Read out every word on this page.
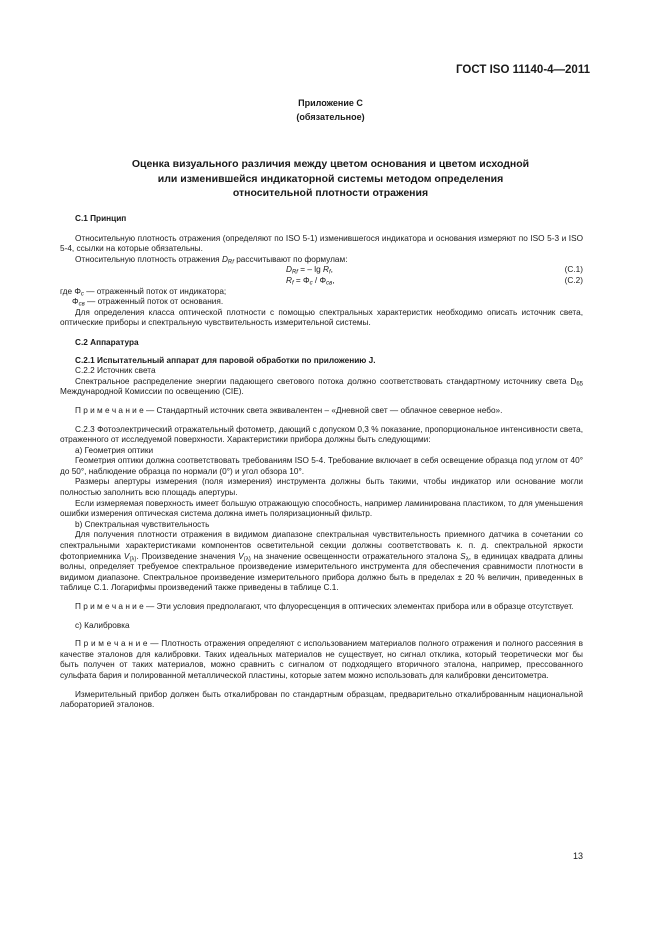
ГОСТ ISO 11140-4—2011
Приложение С
(обязательное)
Оценка визуального различия между цветом основания и цветом исходной
или изменившейся индикаторной системы методом определения
относительной плотности отражения

С.1 Принцип

Относительную плотность отражения (определяют по ISO 5-1) изменившегося индикатора и основания измеряют по ISO 5-3 и ISO 5-4, ссылки на которые обязательны.

Относительную плотность отражения $D_{Rf}$ рассчитывают по формулам:

$D_{Rf}$ = – $\lg R_f$,	(С.1)
$R_f = \Phi_c / \Phi_{св}$,	(С.2)

где $\Phi_c$ — отраженный поток от индикатора;

$\Phi_{св}$ — отраженный поток от основания.

Для определения класса оптической плотности с помощью спектральных характеристик необходимо описать источник света, оптические приборы и спектральную чувствительность измерительной системы.

С.2 Аппаратура

С.2.1 Испытательный аппарат для паровой обработки по приложению J.

С.2.2 Источник света

Спектральное распределение энергии падающего светового потока должно соответствовать стандартному источнику света $D_{65}$ Международной Комиссии по освещению (CIE).

П р и м е ч а н и е — Стандартный источник света эквивалентен – «Дневной свет — облачное северное небо».

С.2.3 Фотоэлектрический отражательный фотометр, дающий с допуском 0,3 % показание, пропорциональное интенсивности света, отраженного от исследуемой поверхности. Характеристики прибора должны быть следующими:

а) Геометрия оптики

Геометрия оптики должна соответствовать требованиям ISO 5-4. Требование включает в себя освещение образца под углом от 40° до 50°, наблюдение образца по нормали (0°) и угол обзора 10°.

Размеры апертуры измерения (поля измерения) инструмента должны быть такими, чтобы индикатор или основание могли полностью заполнить всю площадь апертуры.

Если измеряемая поверхность имеет большую отражающую способность, например ламинирована пластиком, то для уменьшения ошибки измерения оптическая система должна иметь поляризационный фильтр.

b) Спектральная чувствительность

Для получения плотности отражения в видимом диапазоне спектральная чувствительность приемного датчика в сочетании со спектральными характеристиками компонентов осветительной секции должны соответствовать к. п. д. спектральной яркости фотоприемника $V_{(\lambda)}$. Произведение значения $V_{(\lambda)}$ на значение освещенности отражательного эталона $S_\lambda$, в единицах квадрата длины волны, определяет требуемое спектральное произведение измерительного инструмента для обеспечения сравнимости плотности в видимом диапазоне. Спектральное произведение измерительного прибора должно быть в пределах ± 20 % величин, приведенных в таблице С.1. Логарифмы произведений также приведены в таблице С.1.

П р и м е ч а н и е — Эти условия предполагают, что флуоресценция в оптических элементах прибора или в образце отсутствует.

с) Калибровка

П р и м е ч а н и е — Плотность отражения определяют с использованием материалов полного отражения и полного рассеяния в качестве эталонов для калибровки. Таких идеальных материалов не существует, но сигнал отклика, который теоретически мог бы быть получен от таких материалов, можно сравнить с сигналом от подходящего вторичного эталона, например, прессованного сульфата бария и полированной металлической пластины, которые затем можно использовать для калибровки денситометра.

Измерительный прибор должен быть откалиброван по стандартным образцам, предварительно откалиброванным национальной лабораторией эталонов.

13
